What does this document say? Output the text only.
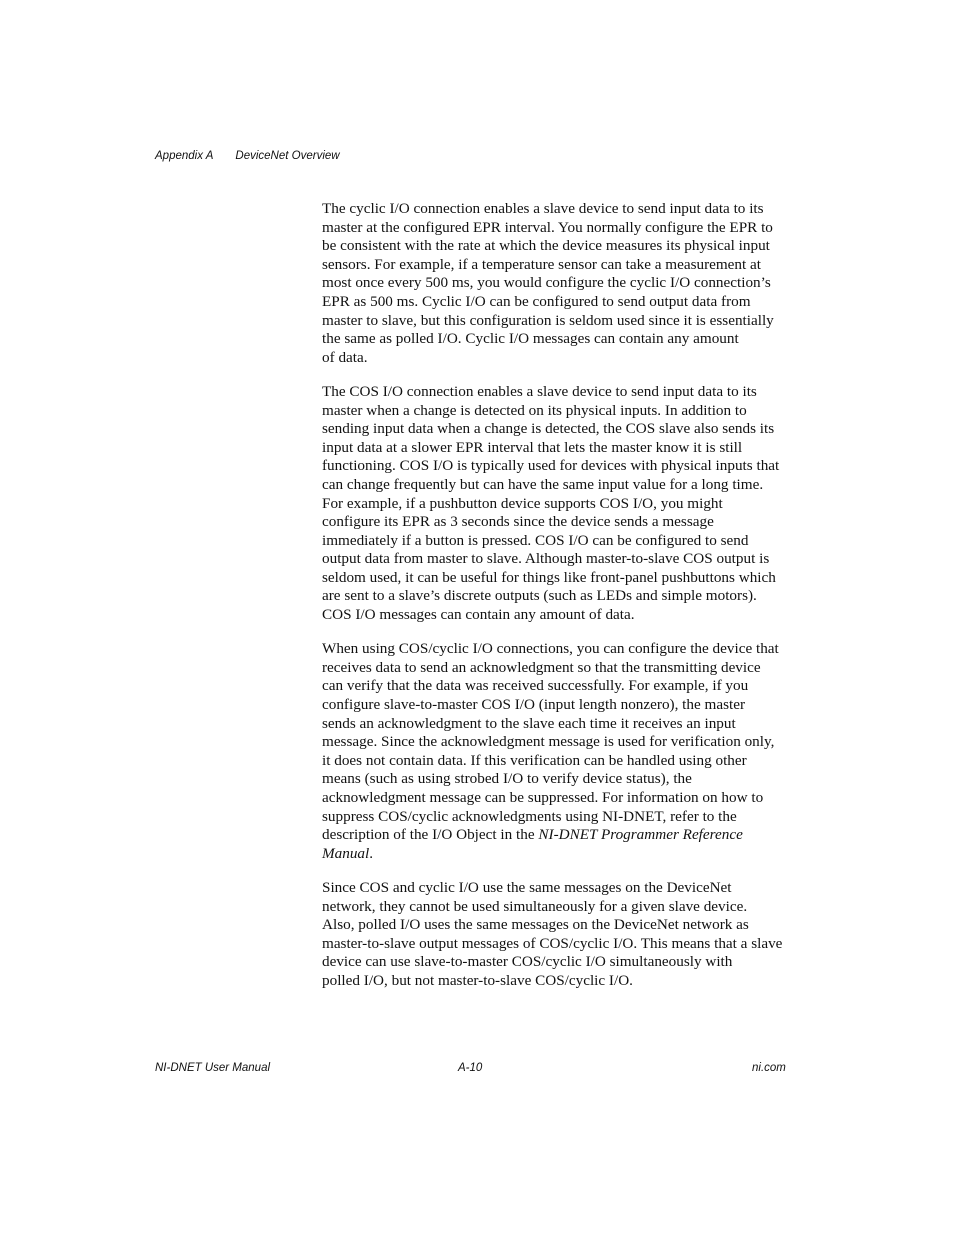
Appendix A DeviceNet Overview

The cyclic I/O connection enables a slave device to send input data to its
master at the configured EPR interval. You normally configure the EPR to
be consistent with the rate at which the device measures its physical input
sensors. For example, if a temperature sensor can take a measurement at
most once every 500 ms, you would configure the cyclic I/O connection’s
EPR as 500 ms. Cyclic I/O can be configured to send output data from
master to slave, but this configuration is seldom used since it is essentially
the same as polled I/O. Cyclic I/O messages can contain any amount
of data.

The COS I/O connection enables a slave device to send input data to its
master when a change is detected on its physical inputs. In addition to
sending input data when a change is detected, the COS slave also sends its
input data at a slower EPR interval that lets the master know it is still
functioning. COS I/O is typically used for devices with physical inputs that
can change frequently but can have the same input value for a long time.
For example, if a pushbutton device supports COS I/O, you might
configure its EPR as 3 seconds since the device sends a message
immediately if a button is pressed. COS I/O can be configured to send
output data from master to slave. Although master-to-slave COS output is
seldom used, it can be useful for things like front-panel pushbuttons which
are sent to a slave’s discrete outputs (such as LEDs and simple motors).
COS I/O messages can contain any amount of data.

When using COS/cyclic I/O connections, you can configure the device that
receives data to send an acknowledgment so that the transmitting device
can verify that the data was received successfully. For example, if you
configure slave-to-master COS I/O (input length nonzero), the master
sends an acknowledgment to the slave each time it receives an input
message. Since the acknowledgment message is used for verification only,
it does not contain data. If this verification can be handled using other
means (such as using strobed I/O to verify device status), the
acknowledgment message can be suppressed. For information on how to
suppress COS/cyclic acknowledgments using NI-DNET, refer to the
description of the I/O Object in the NI-DNET Programmer Reference
Manual.

Since COS and cyclic I/O use the same messages on the DeviceNet
network, they cannot be used simultaneously for a given slave device.
Also, polled I/O uses the same messages on the DeviceNet network as
master-to-slave output messages of COS/cyclic I/O. This means that a slave
device can use slave-to-master COS/cyclic I/O simultaneously with
polled I/O, but not master-to-slave COS/cyclic I/O.

NI-DNET User Manual	A-10	ni.com
